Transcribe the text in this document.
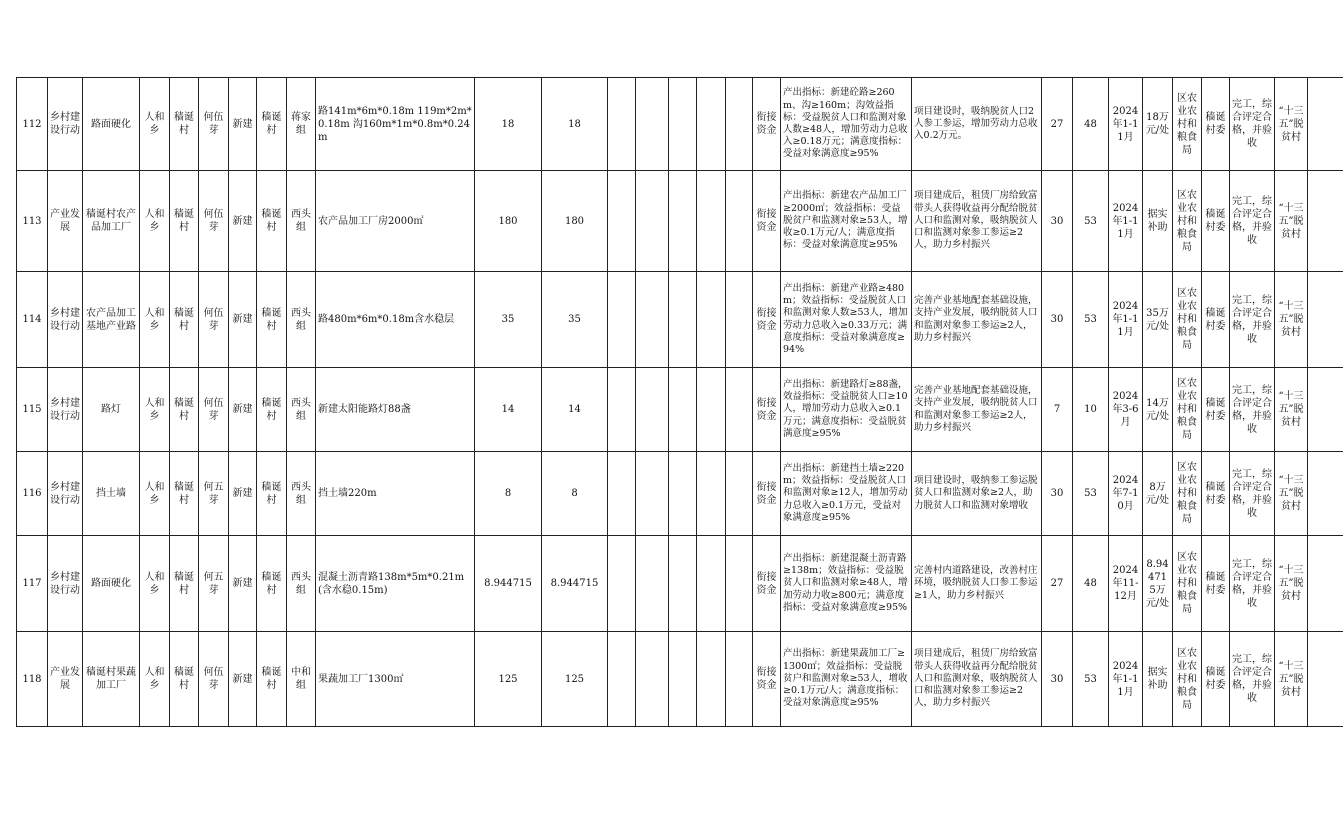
112	乡村建设行动	路面硬化	人和乡	穑诞村	何伍芽	新建	穑诞村	蒋家组	路141m*6m*0.18m 119m*2m*0.18m 沟160m*1m*0.8m*0.24m	18	18						衔接资金	产出指标：新建砼路≥260m、沟≥160m；沟效益指标：受益脱贫人口和监测对象人数≥48人，增加劳动力总收入≥0.18万元；满意度指标：受益对象满意度≥95%	项目建设时，吸纳脱贫人口2人参工参运，增加劳动力总收入0.2万元。	27	48	2024年1-11月	18万元/处	区农业农村和粮食局	穑诞村委	完工，综合评定合格，并验收	“十三五”脱贫村	
113	产业发展	穑诞村农产品加工厂	人和乡	穑诞村	何伍芽	新建	穑诞村	西头组	农产品加工厂房2000㎡	180	180						衔接资金	产出指标：新建农产品加工厂≥2000㎡；效益指标：受益脱贫户和监测对象≥53人，增收≥0.1万元/人；满意度指标：受益对象满意度≥95%	项目建成后，租赁厂房给致富带头人获得收益再分配给脱贫人口和监测对象，吸纳脱贫人口和监测对象参工参运≥2人，助力乡村振兴	30	53	2024年1-11月	据实补助	区农业农村和粮食局	穑诞村委	完工，综合评定合格，并验收	“十三五”脱贫村	
114	乡村建设行动	农产品加工基地产业路	人和乡	穑诞村	何伍芽	新建	穑诞村	西头组	路480m*6m*0.18m含水稳层	35	35						衔接资金	产出指标：新建产业路≥480m；效益指标：受益脱贫人口和监测对象人数≥53人，增加劳动力总收入≥0.33万元；满意度指标：受益对象满意度≥94%	完善产业基地配套基础设施，支持产业发展，吸纳脱贫人口和监测对象参工参运≥2人，助力乡村振兴	30	53	2024年1-11月	35万元/处	区农业农村和粮食局	穑诞村委	完工，综合评定合格，并验收	“十三五”脱贫村	
115	乡村建设行动	路灯	人和乡	穑诞村	何伍芽	新建	穑诞村	西头组	新建太阳能路灯88盏	14	14						衔接资金	产出指标：新建路灯≥88盏，效益指标：受益脱贫人口≥10人，增加劳动力总收入≥0.1万元；满意度指标：受益脱贫满意度≥95%	完善产业基地配套基础设施，支持产业发展，吸纳脱贫人口和监测对象参工参运≥2人，助力乡村振兴	7	10	2024年3-6月	14万元/处	区农业农村和粮食局	穑诞村委	完工，综合评定合格，并验收	“十三五”脱贫村	
116	乡村建设行动	挡土墙	人和乡	穑诞村	何五芽	新建	穑诞村	西头组	挡土墙220m	8	8						衔接资金	产出指标：新建挡土墙≥220m；效益指标：受益脱贫人口和监测对象≥12人，增加劳动力总收入≥0.1万元，受益对象满意度≥95%	项目建设时，吸纳参工参运脱贫人口和监测对象≥2人，助力脱贫人口和监测对象增收	30	53	2024年7-10月	8万元/处	区农业农村和粮食局	穑诞村委	完工，综合评定合格，并验收	“十三五”脱贫村	
117	乡村建设行动	路面硬化	人和乡	穑诞村	何五芽	新建	穑诞村	西头组	混凝土沥青路138m*5m*0.21m(含水稳0.15m)	8.944715	8.944715						衔接资金	产出指标：新建混凝土沥青路≥138m；效益指标：受益脱贫人口和监测对象≥48人，增加劳动力收≥800元；满意度指标：受益对象满意度≥95%	完善村内道路建设，改善村庄环境，吸纳脱贫人口参工参运≥1人，助力乡村振兴	27	48	2024年11-12月	8.944715万元/处	区农业农村和粮食局	穑诞村委	完工，综合评定合格，并验收	“十三五”脱贫村	
118	产业发展	穑诞村果蔬加工厂	人和乡	穑诞村	何伍芽	新建	穑诞村	中和组	果蔬加工厂1300㎡	125	125						衔接资金	产出指标：新建果蔬加工厂≥1300㎡；效益指标：受益脱贫户和监测对象≥53人，增收≥0.1万元/人；满意度指标：受益对象满意度≥95%	项目建成后，租赁厂房给致富带头人获得收益再分配给脱贫人口和监测对象，吸纳脱贫人口和监测对象参工参运≥2人，助力乡村振兴	30	53	2024年1-11月	据实补助	区农业农村和粮食局	穑诞村委	完工，综合评定合格，并验收	“十三五”脱贫村	
